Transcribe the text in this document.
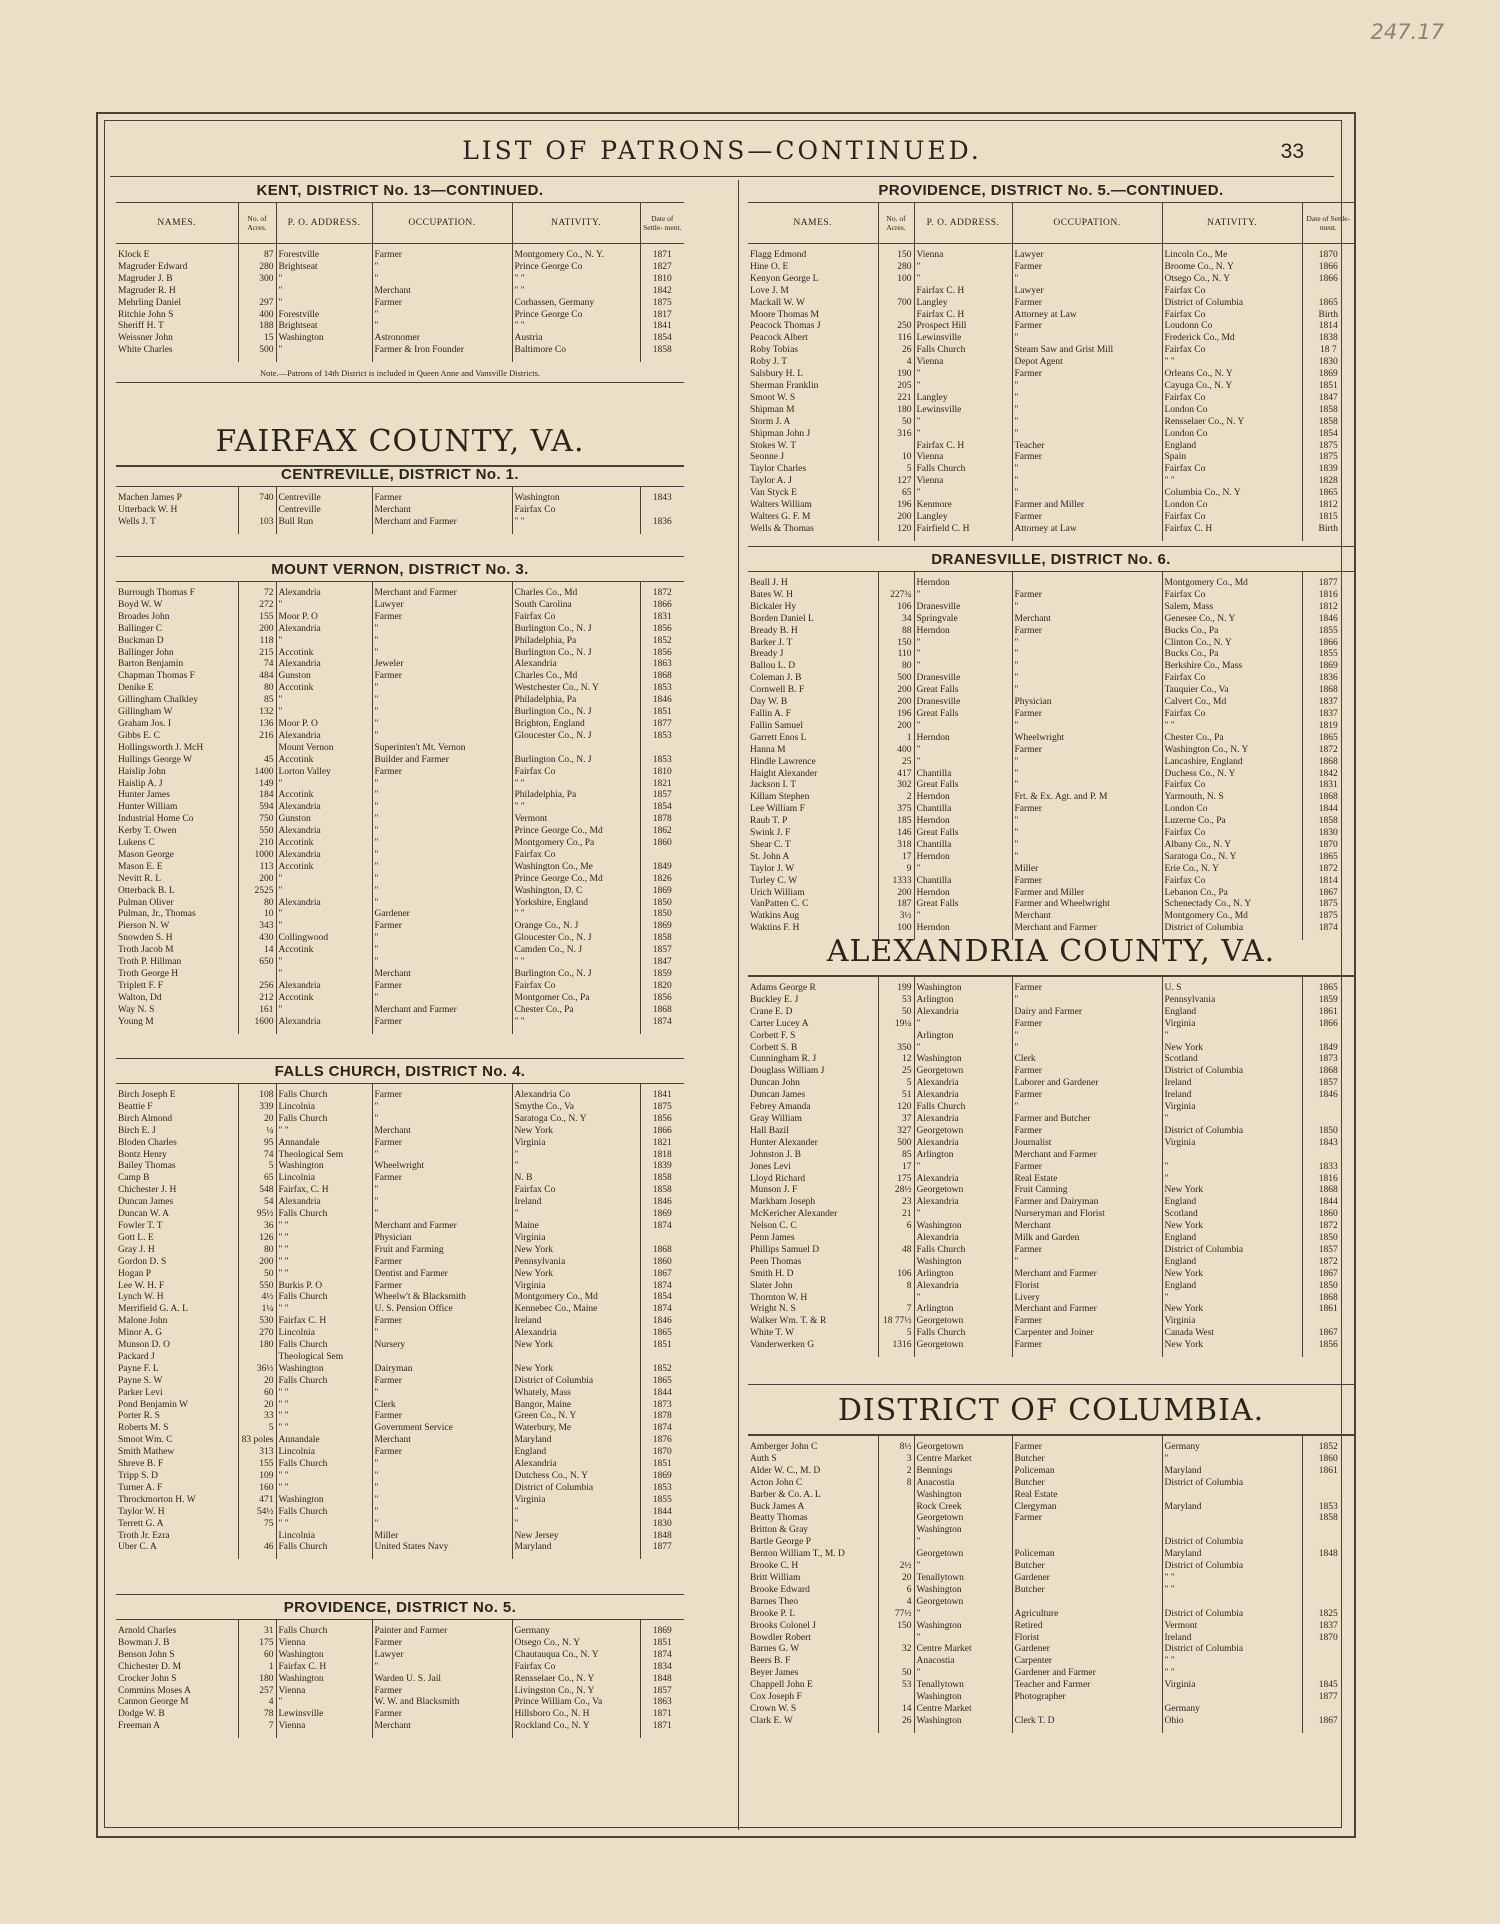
247.17
LIST OF PATRONS—CONTINUED.	33
KENT, DISTRICT No. 13—CONTINUED.
NAMES.	No. of Acres.	P. O. ADDRESS.	OCCUPATION.	NATIVITY.	Date of Settle- ment.
Klock E	87	Forestville	Farmer	Montgomery Co., N. Y.	1871
Magruder Edward	280	Brightseat	"	Prince George Co	1827
Magruder J. B	300	"	"	" "	1810
Magruder R. H		"	Merchant	" "	1842
Mehrling Daniel	297	"	Farmer	Corhassen, Germany	1875
Ritchie John S	400	Forestville	"	Prince George Co	1817
Sheriff H. T	188	Brightseat	"	" "	1841
Weissner John	15	Washington	Astronomer	Austria	1854
White Charles	500	"	Farmer & Iron Founder	Baltimore Co	1858
Note.—Patrons of 14th District is included in Queen Anne and Vansville Districts.
FAIRFAX COUNTY, VA.
CENTREVILLE, DISTRICT No. 1.
Machen James P	740	Centreville	Farmer	Washington	1843
Utterback W. H		Centreville	Merchant	Fairfax Co	
Wells J. T	103	Bull Run	Merchant and Farmer	" "	1836
MOUNT VERNON, DISTRICT No. 3.
Burrough Thomas F	72	Alexandria	Merchant and Farmer	Charles Co., Md	1872
Boyd W. W	272	"	Lawyer	South Carolina	1866
Broades John	155	Moor P. O	Farmer	Fairfax Co	1831
Ballinger C	200	Alexandria	"	Burlington Co., N. J	1856
Buckman D	118	"	"	Philadelphia, Pa	1852
Ballinger John	215	Accotink	"	Burlington Co., N. J	1856
Barton Benjamin	74	Alexandria	Jeweler	Alexandria	1863
Chapman Thomas F	484	Gunston	Farmer	Charles Co., Md	1868
Denike E	80	Accotink	"	Westchester Co., N. Y	1853
Gillingham Chalkley	85	"	"	Philadelphia, Pa	1846
Gillingham W	132	"	"	Burlington Co., N. J	1851
Graham Jos. I	136	Moor P. O	"	Brighton, England	1877
Gibbs E. C	216	Alexandria	"	Gloucester Co., N. J	1853
Hollingsworth J. McH		Mount Vernon	Superinten't Mt. Vernon		
Hullings George W	45	Accotink	Builder and Farmer	Burlington Co., N. J	1853
Haislip John	1400	Lorton Valley	Farmer	Fairfax Co	1810
Haislip A. J	149	"	"	" "	1821
Hunter James	184	Accotink	"	Philadelphia, Pa	1857
Hunter William	594	Alexandria	"	" "	1854
Industrial Home Co	750	Gunston	"	Vermont	1878
Kerby T. Owen	550	Alexandria	"	Prince George Co., Md	1862
Lukens C	210	Accotink	"	Montgomery Co., Pa	1860
Mason George	1000	Alexandria	"	Fairfax Co	
Mason E. E	113	Accotink	"	Washington Co., Me	1849
Nevitt R. L	200	"	"	Prince George Co., Md	1826
Otterback B. L	2525	"	"	Washington, D. C	1869
Pulman Oliver	80	Alexandria	"	Yorkshire, England	1850
Pulman, Jr., Thomas	10	"	Gardener	" "	1850
Pierson N. W	343	"	Farmer	Orange Co., N. J	1869
Snowden S. H	430	Collingwood	"	Gloucester Co., N. J	1858
Troth Jacob M	14	Accotink	"	Camden Co., N. J	1857
Troth P. Hillman	650	"	"	" "	1847
Troth George H		"	Merchant	Burlington Co., N. J	1859
Triplett F. F	256	Alexandria	Farmer	Fairfax Co	1820
Walton, Dd	212	Accotink	"	Montgomer Co., Pa	1856
Way N. S	161	"	Merchant and Farmer	Chester Co., Pa	1868
Young M	1600	Alexandria	Farmer	" "	1874
FALLS CHURCH, DISTRICT No. 4.
Birch Joseph E	108	Falls Church	Farmer	Alexandria Co	1841
Beattie F	339	Lincolnia	"	Smythe Co., Va	1875
Birch Almond	20	Falls Church	"	Saratoga Co., N. Y	1856
Birch E. J	¼	" "	Merchant	New York	1866
Bloden Charles	95	Annandale	Farmer	Virginia	1821
Bontz Henry	74	Theological Sem	"	"	1818
Bailey Thomas	5	Washington	Wheelwright	"	1839
Camp B	65	Lincolnia	Farmer	N. B	1858
Chichester J. H	548	Fairfax, C. H	"	Fairfax Co	1858
Duncan James	54	Alexandria	"	Ireland	1846
Duncan W. A	95½	Falls Church	"	"	1869
Fowler T. T	36	" "	Merchant and Farmer	Maine	1874
Gott L. E	126	" "	Physician	Virginia	
Gray J. H	80	" "	Fruit and Farming	New York	1868
Gordon D. S	200	" "	Farmer	Pennsylvania	1860
Hogan P	50	" "	Dentist and Farmer	New York	1867
Lee W. H. F	550	Burkis P. O	Farmer	Virginia	1874
Lynch W. H	4½	Falls Church	Wheelw't & Blacksmith	Montgomery Co., Md	1854
Merrifield G. A. L	1¼	" "	U. S. Pension Office	Kennebec Co., Maine	1874
Malone John	530	Fairfax C. H	Farmer	Ireland	1846
Minor A. G	270	Lincolnia	"	Alexandria	1865
Munson D. O	180	Falls Church	Nursery	New York	1851
Packard J		Theological Sem			
Payne F. L	36½	Washington	Dairyman	New York	1852
Payne S. W	20	Falls Church	Farmer	District of Columbia	1865
Parker Levi	60	" "	"	Whately, Mass	1844
Pond Benjamin W	20	" "	Clerk	Bangor, Maine	1873
Porter R. S	33	" "	Farmer	Green Co., N. Y	1878
Roberts M. S	5	" "	Government Service	Waterbury, Me	1874
Smoot Wm. C	83 poles	Annandale	Merchant	Maryland	1876
Smith Mathew	313	Lincolnia	Farmer	England	1870
Shreve B. F	155	Falls Church	"	Alexandria	1851
Tripp S. D	109	" "	"	Dutchess Co., N. Y	1869
Turner A. F	160	" "	"	District of Columbia	1853
Throckmorton H. W	471	Washington	"	Virginia	1855
Taylor W. H	54½	Falls Church	"	"	1844
Terrett G. A	75	" "	"	"	1830
Troth Jr. Ezra		Lincolnia	Miller	New Jersey	1848
Uber C. A	46	Falls Church	United States Navy	Maryland	1877
PROVIDENCE, DISTRICT No. 5.
Arnold Charles	31	Falls Church	Painter and Farmer	Germany	1869
Bowman J. B	175	Vienna	Farmer	Otsego Co., N. Y	1851
Benson John S	60	Washington	Lawyer	Chautauqua Co., N. Y	1874
Chichester D. M	1	Fairfax C. H	"	Fairfax Co	1834
Crocker John S	180	Washington	Warden U. S. Jail	Rensselaer Co., N. Y	1848
Commins Moses A	257	Vienna	Farmer	Livingston Co., N. Y	1857
Cannon George M	4	"	W. W. and Blacksmith	Prince William Co., Va	1863
Dodge W. B	78	Lewinsville	Farmer	Hillsboro Co., N. H	1871
Freeman A	7	Vienna	Merchant	Rockland Co., N. Y	1871
PROVIDENCE, DISTRICT No. 5.—CONTINUED.
NAMES.	No. of Acres.	P. O. ADDRESS.	OCCUPATION.	NATIVITY.	Date of Settle- ment.
Flagg Edmond	150	Vienna	Lawyer	Lincoln Co., Me	1870
Hine O. E	280	"	Farmer	Broome Co., N. Y	1866
Kenyon George L	100	"	"	Otsego Co., N. Y	1866
Love J. M		Fairfax C. H	Lawyer	Fairfax Co	
Mackall W. W	700	Langley	Farmer	District of Columbia	1865
Moore Thomas M		Fairfax C. H	Attorney at Law	Fairfax Co	Birth
Peacock Thomas J	250	Prospect Hill	Farmer	Loudonn Co	1814
Peacock Albert	116	Lewinsville	"	Frederick Co., Md	1838
Roby Tobias	26	Falls Church	Steam Saw and Grist Mill	Fairfax Co	18 7
Roby J. T	4	Vienna	Depot Agent	" "	1830
Salsbury H. L	190	"	Farmer	Orleans Co., N. Y	1869
Sherman Franklin	205	"	"	Cayuga Co., N. Y	1851
Smoot W. S	221	Langley	"	Fairfax Co	1847
Shipman M	180	Lewinsville	"	London Co	1858
Storm J. A	50	"	"	Rensselaer Co., N. Y	1858
Shipman John J	316	"	"	London Co	1854
Stokes W. T		Fairfax C. H	Teacher	England	1875
Seonne J	10	Vienna	Farmer	Spain	1875
Taylor Charles	5	Falls Church	"	Fairfax Co	1839
Taylor A. J	127	Vienna	"	" "	1828
Van Styck E	65	"	"	Columbia Co., N. Y	1865
Walters William	196	Kenmore	Farmer and Miller	London Co	1812
Walters G. F. M	200	Langley	Farmer	Fairfax Co	1815
Wells & Thomas	120	Fairfield C. H	Attorney at Law	Fairfax C. H	Birth
DRANESVILLE, DISTRICT No. 6.
Beall J. H		Herndon		Montgomery Co., Md	1877
Bates W. H	227¾	"	Farmer	Fairfax Co	1816
Bickaler Hy	106	Dranesville	"	Salem, Mass	1812
Borden Daniel L	34	Springvale	Merchant	Genesee Co., N. Y	1846
Bready B. H	88	Herndon	Farmer	Bucks Co., Pa	1855
Barker J. T	150	"	"	Clinton Co., N. Y	1866
Bready J	110	"	"	Bucks Co., Pa	1855
Ballou L. D	80	"	"	Berkshire Co., Mass	1869
Coleman J. B	500	Dranesville	"	Fairfax Co	1836
Cornwell B. F	200	Great Falls	"	Tauquier Co., Va	1868
Day W. B	200	Dranesville	Physician	Calvert Co., Md	1837
Fallin A. F	196	Great Falls	Farmer	Fairfax Co	1837
Fallin Samuel	200	"	"	" "	1819
Garrett Enos L	1	Herndon	Wheelwright	Chester Co., Pa	1865
Hanna M	400	"	Farmer	Washington Co., N. Y	1872
Hindle Lawrence	25	"	"	Lancashire, England	1868
Haight Alexander	417	Chantilla	"	Duchess Co., N. Y	1842
Jackson I. T	302	Great Falls	"	Fairfax Co	1831
Killam Stephen	2	Herndon	Frt. & Ex. Agt. and P. M	Yarmouth, N. S	1868
Lee William F	375	Chantilla	Farmer	London Co	1844
Raub T. P	185	Herndon	"	Luzerne Co., Pa	1858
Swink J. F	146	Great Falls	"	Fairfax Co	1830
Shear C. T	318	Chantilla	"	Albany Co., N. Y	1870
St. John A	17	Herndon	"	Saratoga Co., N. Y	1865
Taylor J. W	9	"	Miller	Erie Co., N. Y	1872
Turley C. W	1333	Chantilla	Farmer	Fairfax Co	1814
Urich William	200	Herndon	Farmer and Miller	Lebanon Co., Pa	1867
VanPatten C. C	187	Great Falls	Farmer and Wheelwright	Schenectady Co., N. Y	1875
Watkins Aug	3½	"	Merchant	Montgomery Co., Md	1875
Waktins F. H	100	Herndon	Merchant and Farmer	District of Columbia	1874
ALEXANDRIA COUNTY, VA.
Adams George R	199	Washington	Farmer	U. S	1865
Buckley E. J	53	Arlington	"	Pennsylvania	1859
Crane E. D	50	Alexandria	Dairy and Farmer	England	1861
Carter Lucey A	19¼	"	Farmer	Virginia	1866
Corbett F. S		Arlington	"	"	
Corbett S. B	350	"	"	New York	1849
Cunningham R. J	12	Washington	Clerk	Scotland	1873
Douglass William J	25	Georgetown	Farmer	District of Columbia	1868
Duncan John	5	Alexandria	Laborer and Gardener	Ireland	1857
Duncan James	51	Alexandria	Farmer	Ireland	1846
Febrey Amanda	120	Falls Church	"	Virginia	
Gray William	37	Alexandria	Farmer and Butcher	"	
Hall Bazil	327	Georgetown	Farmer	District of Columbia	1850
Hunter Alexander	500	Alexandria	Journalist	Virginia	1843
Johnston J. B	85	Arlington	Merchant and Farmer		
Jones Levi	17	"	Farmer	"	1833
Lloyd Richard	175	Alexandria	Real Estate	"	1816
Munson J. F	28½	Georgetown	Fruit Canning	New York	1868
Markham Joseph	23	Alexandria	Farmer and Dairyman	England	1844
McKericher Alexander	21	"	Nurseryman and Florist	Scotland	1860
Nelson C. C	6	Washington	Merchant	New York	1872
Penn James		Alexandria	Milk and Garden	England	1850
Phillips Samuel D	48	Falls Church	Farmer	District of Columbia	1857
Peen Thomas		Washington	"	England	1872
Smith H. D	106	Arlington	Merchant and Farmer	New York	1867
Slater John	8	Alexandria	Florist	England	1850
Thornton W. H		"	Livery	"	1868
Wright N. S	7	Arlington	Merchant and Farmer	New York	1861
Walker Wm. T. & R	18 77½	Georgetown	Farmer	Virginia	
White T. W	5	Falls Church	Carpenter and Joiner	Canada West	1867
Vanderwerken G	1316	Georgetown	Farmer	New York	1856
DISTRICT OF COLUMBIA.
Amberger John C	8½	Georgetown	Farmer	Germany	1852
Auth S	3	Centre Market	Butcher	"	1860
Alder W. C., M. D	2	Bennings	Policeman	Maryland	1861
Acton John C	8	Anacostia	Butcher	District of Columbia	
Barber & Co. A. L		Washington	Real Estate		
Buck James A		Rock Creek	Clergyman	Maryland	1853
Beatty Thomas		Georgetown	Farmer		1858
Britton & Gray		Washington			
Bartle George P		"		District of Columbia	
Benton William T., M. D		Georgetown	Policeman	Maryland	1848
Brooke C. H	2½	"	Butcher	District of Columbia	
Britt William	20	Tenallytown	Gardener	" "	
Brooke Edward	6	Washington	Butcher	" "	
Barnes Theo	4	Georgetown			
Brooke P. L	77½	"	Agriculture	District of Columbia	1825
Brooks Colonel J	150	Washington	Retired	Vermont	1837
Bowdler Robert		"	Florist	Ireland	1870
Barnes G. W	32	Centre Market	Gardener	District of Columbia	
Beers B. F		Anacostia	Carpenter	" "	
Beyer James	50	"	Gardener and Farmer	" "	
Chappell John E	53	Tenallytown	Teacher and Farmer	Virginia	1845
Cox Joseph F		Washington	Photographer		1877
Crown W. S	14	Centre Market		Germany	
Clark E. W	26	Washington	Clerk T. D	Ohio	1867
